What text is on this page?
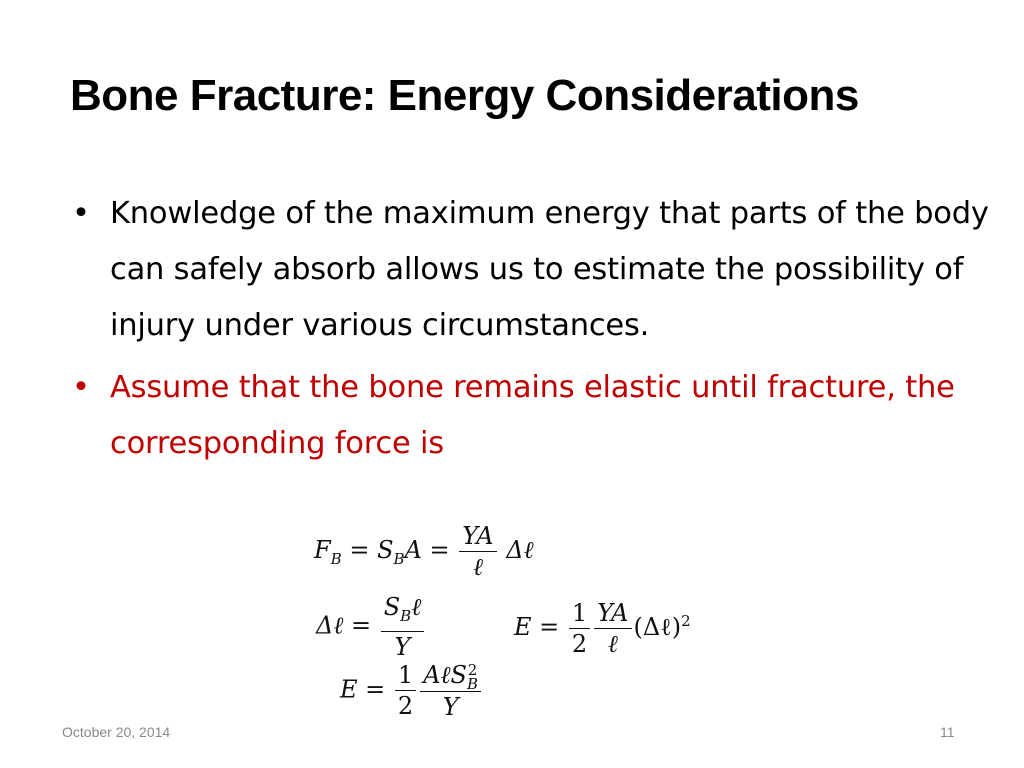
Bone Fracture: Energy Considerations
• Knowledge of the maximum energy that parts of the body can safely absorb allows us to estimate the possibility of injury under various circumstances.
• Assume that the bone remains elastic until fracture, the corresponding force is
$F_B = S_BA = \frac{YA}{\text{ℓ}}$ Δℓ
Δℓ = $\frac{S_B\ell}{Y}$	$E = \frac{1}{2} \frac{YA}{\text{ℓ}}$ (Δℓ)$^2$
$E = \frac{1}{2}$ AℓS 2
B
Y
October 20, 2014	11
